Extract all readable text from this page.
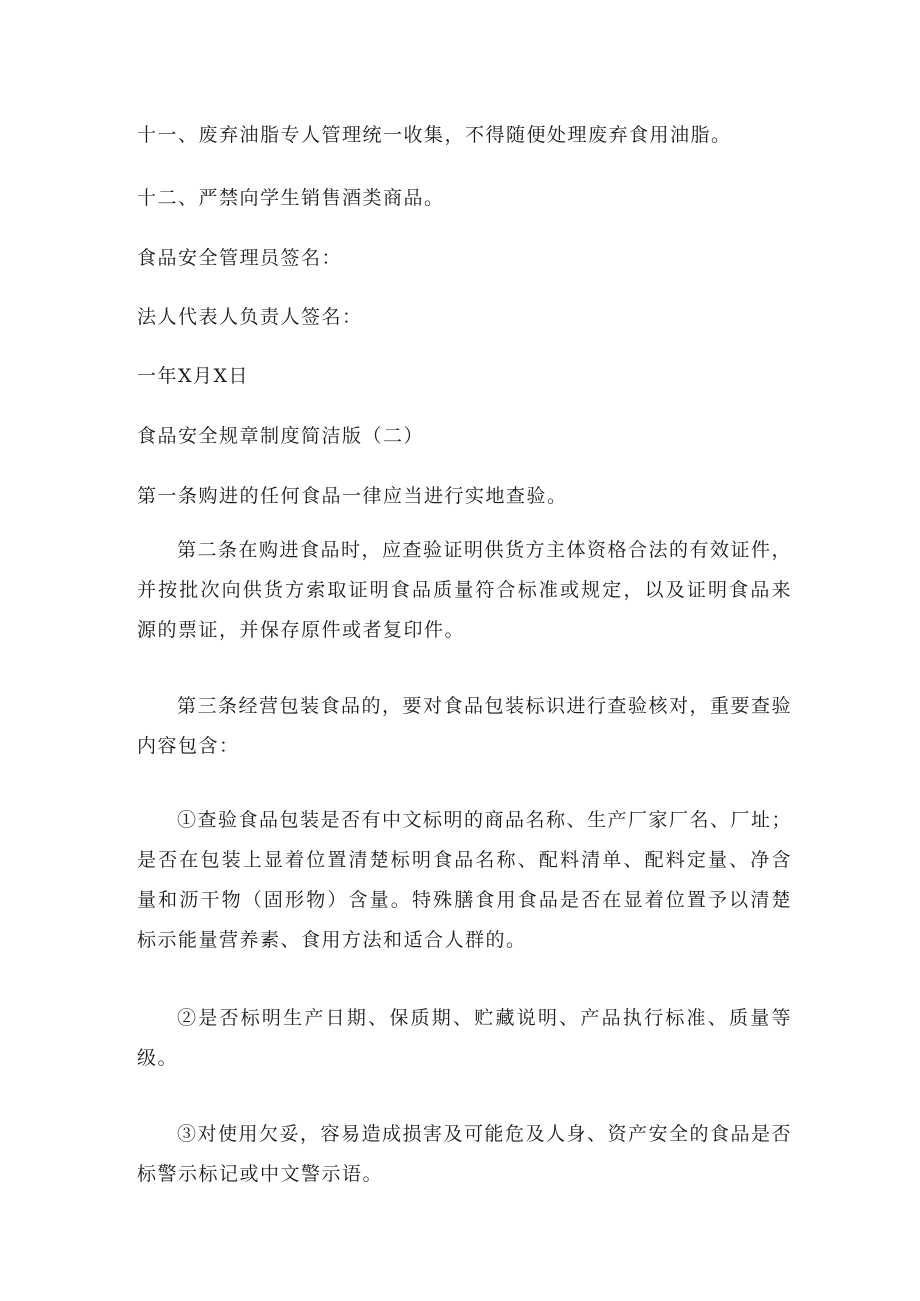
十一、废弃油脂专人管理统一收集，不得随便处理废弃食用油脂。
十二、严禁向学生销售酒类商品。
食品安全管理员签名：
法人代表人负责人签名：
一年X月X日
食品安全规章制度简洁版（二）
第一条购进的任何食品一律应当进行实地查验。
第二条在购进食品时，应查验证明供货方主体资格合法的有效证件，并按批次向供货方索取证明食品质量符合标准或规定，以及证明食品来源的票证，并保存原件或者复印件。
第三条经营包装食品的，要对食品包装标识进行查验核对，重要查验内容包含：
①查验食品包装是否有中文标明的商品名称、生产厂家厂名、厂址；是否在包装上显着位置清楚标明食品名称、配料清单、配料定量、净含量和沥干物（固形物）含量。特殊膳食用食品是否在显着位置予以清楚标示能量营养素、食用方法和适合人群的。
②是否标明生产日期、保质期、贮藏说明、产品执行标准、质量等级。
③对使用欠妥，容易造成损害及可能危及人身、资产安全的食品是否标警示标记或中文警示语。
